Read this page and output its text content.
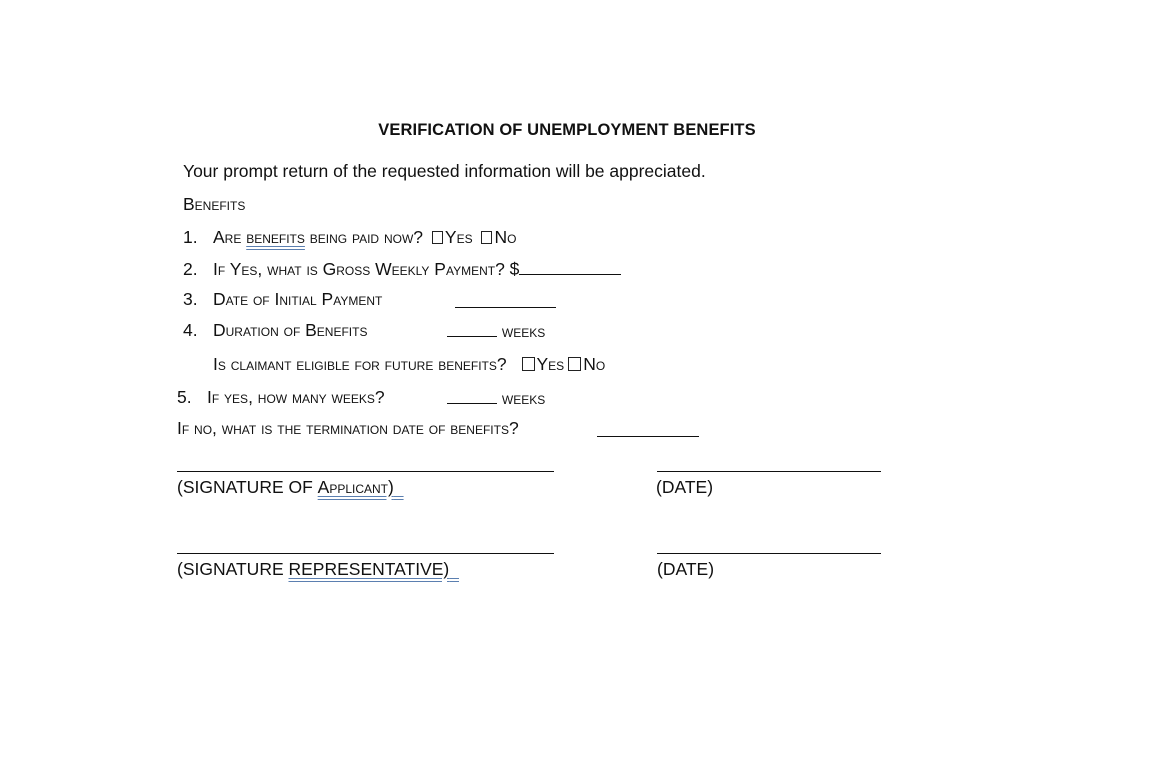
VERIFICATION OF UNEMPLOYMENT BENEFITS
Your prompt return of the requested information will be appreciated.
Benefits
1. Are benefits being paid now? Yes No
2. If Yes, what is Gross Weekly Payment? $
3. Date of Initial Payment
4. Duration of Benefits	weeks
Is claimant eligible for future benefits? Yes No
5. If yes, how many weeks?	weeks
If no, what is the termination date of benefits?
(SIGNATURE OF Applicant)	(DATE)
(SIGNATURE REPRESENTATIVE)	(DATE)
